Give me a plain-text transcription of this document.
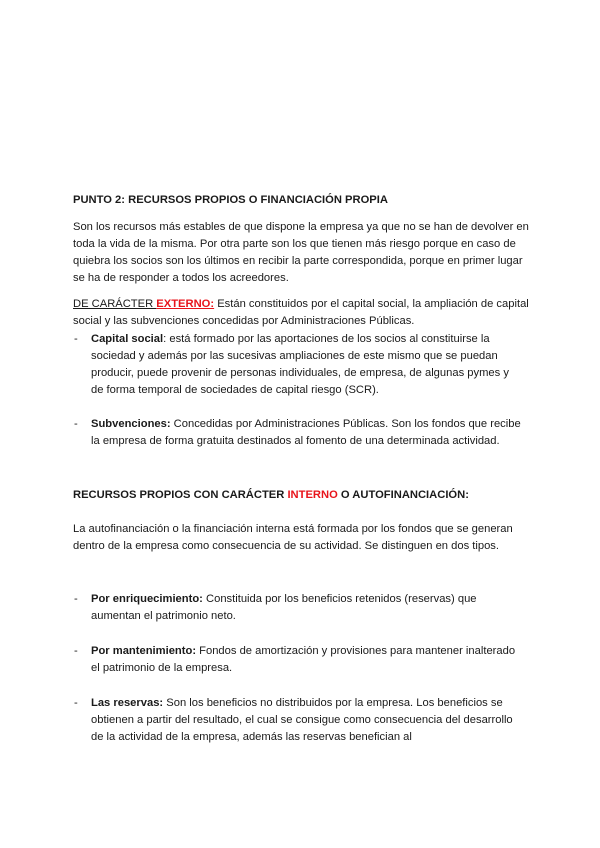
PUNTO 2: RECURSOS PROPIOS O FINANCIACIÓN PROPIA

Son los recursos más estables de que dispone la empresa ya que no se han de devolver en toda la vida de la misma. Por otra parte son los que tienen más riesgo porque en caso de quiebra los socios son los últimos en recibir la parte correspondida, porque en primer lugar se ha de responder a todos los acreedores.

DE CARÁCTER EXTERNO: Están constituidos por el capital social, la ampliación de capital social y las subvenciones concedidas por Administraciones Públicas.

- Capital social: está formado por las aportaciones de los socios al constituirse la sociedad y además por las sucesivas ampliaciones de este mismo que se puedan producir, puede provenir de personas individuales, de empresa, de algunas pymes y de forma temporal de sociedades de capital riesgo (SCR).
- Subvenciones: Concedidas por Administraciones Públicas. Son los fondos que recibe la empresa de forma gratuita destinados al fomento de una determinada actividad.
RECURSOS PROPIOS CON CARÁCTER INTERNO O AUTOFINANCIACIÓN:

La autofinanciación o la financiación interna está formada por los fondos que se generan dentro de la empresa como consecuencia de su actividad. Se distinguen en dos tipos.

- Por enriquecimiento: Constituida por los beneficios retenidos (reservas) que aumentan el patrimonio neto.
- Por mantenimiento: Fondos de amortización y provisiones para mantener inalterado el patrimonio de la empresa.
- Las reservas: Son los beneficios no distribuidos por la empresa. Los beneficios se obtienen a partir del resultado, el cual se consigue como consecuencia del desarrollo de la actividad de la empresa, además las reservas benefician al
